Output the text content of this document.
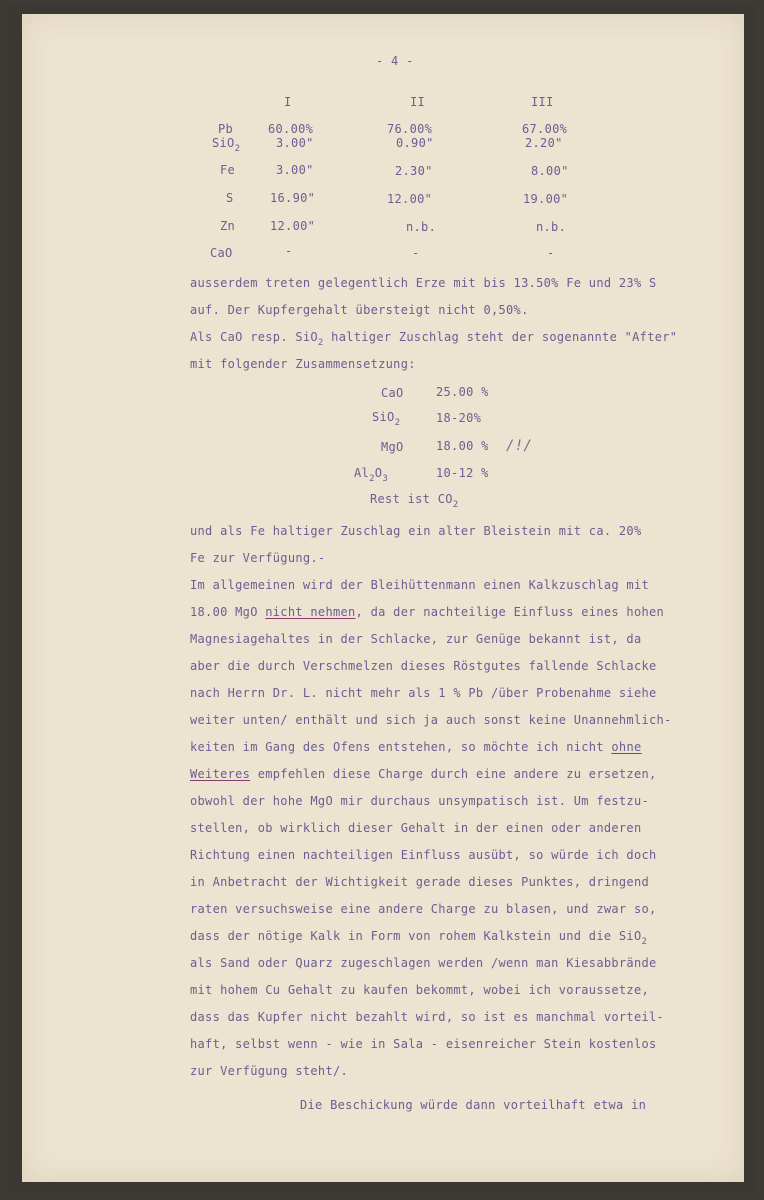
- 4 -
I	II	III
Pb	60.00%	76.00%	67.00%
SiO$_2$	3.00"	0.90"	2.20"
Fe	3.00"	2.30"	8.00"
S	16.90"	12.00"	19.00"
Zn	12.00"	n.b.	n.b.
CaO	-	-	-
ausserdem treten gelegentlich Erze mit bis 13.50% Fe und 23% S
auf. Der Kupfergehalt übersteigt nicht 0,50%.
Als CaO resp. SiO$_2$ haltiger Zuschlag steht der sogenannte "After"
mit folgender Zusammensetzung:
CaO	25.00 %
SiO$_2$	18-20%
MgO	18.00 % /!/
$Al_2O_3$	10-12 %
Rest ist $CO_2$
und als Fe haltiger Zuschlag ein alter Bleistein mit ca. 20%
Fe zur Verfügung.-
Im allgemeinen wird der Bleihüttenmann einen Kalkzuschlag mit
18.00 MgO nicht nehmen, da der nachteilige Einfluss eines hohen
Magnesiagehaltes in der Schlacke, zur Genüge bekannt ist, da
aber die durch Verschmelzen dieses Röstgutes fallende Schlacke
nach Herrn Dr. L. nicht mehr als 1 % Pb /über Probenahme siehe
weiter unten/ enthält und sich ja auch sonst keine Unannehmlich-
keiten im Gang des Ofens entstehen, so möchte ich nicht ohne
Weiteres empfehlen diese Charge durch eine andere zu ersetzen,
obwohl der hohe MgO mir durchaus unsympatisch ist. Um festzu-
stellen, ob wirklich dieser Gehalt in der einen oder anderen
Richtung einen nachteiligen Einfluss ausübt, so würde ich doch
in Anbetracht der Wichtigkeit gerade dieses Punktes, dringend
raten versuchsweise eine andere Charge zu blasen, und zwar so,
dass der nötige Kalk in Form von rohem Kalkstein und die SiO$_2$
als Sand oder Quarz zugeschlagen werden /wenn man Kiesabbrände
mit hohem Cu Gehalt zu kaufen bekommt, wobei ich voraussetze,
dass das Kupfer nicht bezahlt wird, so ist es manchmal vorteil-
haft, selbst wenn - wie in Sala - eisenreicher Stein kostenlos
zur Verfügung steht/.
Die Beschickung würde dann vorteilhaft etwa in
